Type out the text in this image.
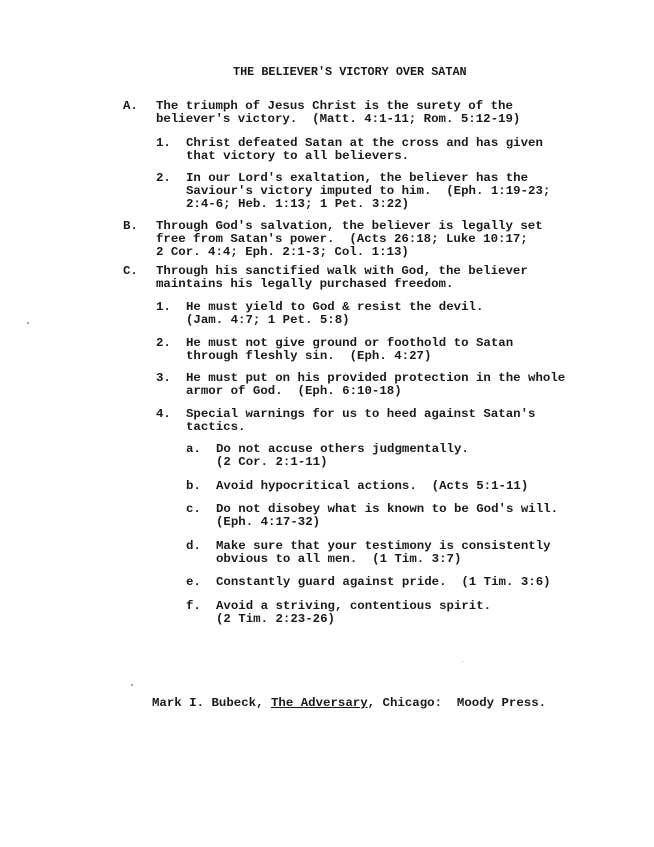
THE BELIEVER'S VICTORY OVER SATAN
A. The triumph of Jesus Christ is the surety of the
believer's victory.  (Matt. 4:1-11; Rom. 5:12-19)
1. Christ defeated Satan at the cross and has given
that victory to all believers.
2. In our Lord's exaltation, the believer has the
Saviour's victory imputed to him.  (Eph. 1:19-23;
2:4-6; Heb. 1:13; 1 Pet. 3:22)
B. Through God's salvation, the believer is legally set
free from Satan's power.  (Acts 26:18; Luke 10:17;
2 Cor. 4:4; Eph. 2:1-3; Col. 1:13)
C. Through his sanctified walk with God, the believer
maintains his legally purchased freedom.
1. He must yield to God & resist the devil.
(Jam. 4:7; 1 Pet. 5:8)
2. He must not give ground or foothold to Satan
through fleshly sin.  (Eph. 4:27)
3. He must put on his provided protection in the whole
armor of God.  (Eph. 6:10-18)
4. Special warnings for us to heed against Satan's
tactics.
a. Do not accuse others judgmentally.
(2 Cor. 2:1-11)
b. Avoid hypocritical actions.  (Acts 5:1-11)
c. Do not disobey what is known to be God's will.
(Eph. 4:17-32)
d. Make sure that your testimony is consistently
obvious to all men.  (1 Tim. 3:7)
e. Constantly guard against pride.  (1 Tim. 3:6)
f. Avoid a striving, contentious spirit.
(2 Tim. 2:23-26)
Mark I. Bubeck, The Adversary, Chicago:  Moody Press.
